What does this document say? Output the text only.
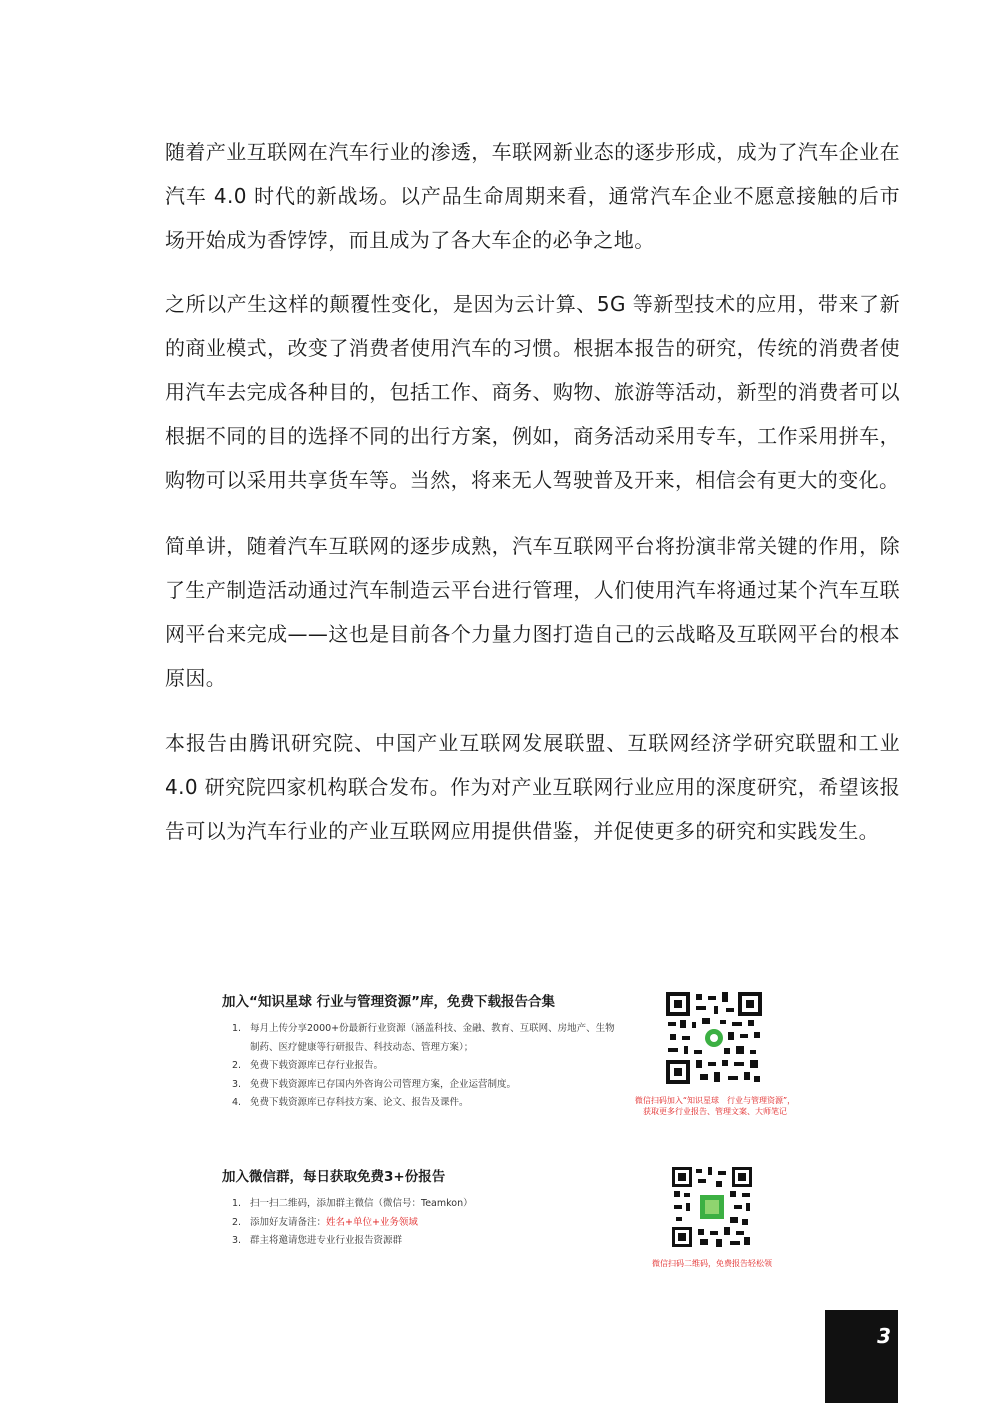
随着产业互联网在汽车行业的渗透，车联网新业态的逐步形成，成为了汽车企业在汽车 4.0 时代的新战场。以产品生命周期来看，通常汽车企业不愿意接触的后市场开始成为香饽饽，而且成为了各大车企的必争之地。

之所以产生这样的颠覆性变化，是因为云计算、5G 等新型技术的应用，带来了新的商业模式，改变了消费者使用汽车的习惯。根据本报告的研究，传统的消费者使用汽车去完成各种目的，包括工作、商务、购物、旅游等活动，新型的消费者可以根据不同的目的选择不同的出行方案，例如，商务活动采用专车，工作采用拼车，购物可以采用共享货车等。当然，将来无人驾驶普及开来，相信会有更大的变化。

简单讲，随着汽车互联网的逐步成熟，汽车互联网平台将扮演非常关键的作用，除了生产制造活动通过汽车制造云平台进行管理，人们使用汽车将通过某个汽车互联网平台来完成——这也是目前各个力量力图打造自己的云战略及互联网平台的根本原因。

本报告由腾讯研究院、中国产业互联网发展联盟、互联网经济学研究联盟和工业 4.0 研究院四家机构联合发布。作为对产业互联网行业应用的深度研究，希望该报告可以为汽车行业的产业互联网应用提供借鉴，并促使更多的研究和实践发生。

加入“知识星球 行业与管理资源”库，免费下载报告合集

1. 每月上传分享2000+份最新行业资源（涵盖科技、金融、教育、互联网、房地产、生物制药、医疗健康等行研报告、科技动态、管理方案）；
2. 免费下载资源库已存行业报告。
3. 免费下载资源库已存国内外咨询公司管理方案，企业运营制度。
4. 免费下载资源库已存科技方案、论文、报告及课件。	微信扫码加入“知识星球　行业与管理资源”，
获取更多行业报告、管理文案、大师笔记

加入微信群，每日获取免费3+份报告

1. 扫一扫二维码，添加群主微信（微信号：Teamkon）
2. 添加好友请备注：姓名+单位+业务领域
3. 群主将邀请您进专业行业报告资源群
微信扫码二维码，免费报告轻松领
3
